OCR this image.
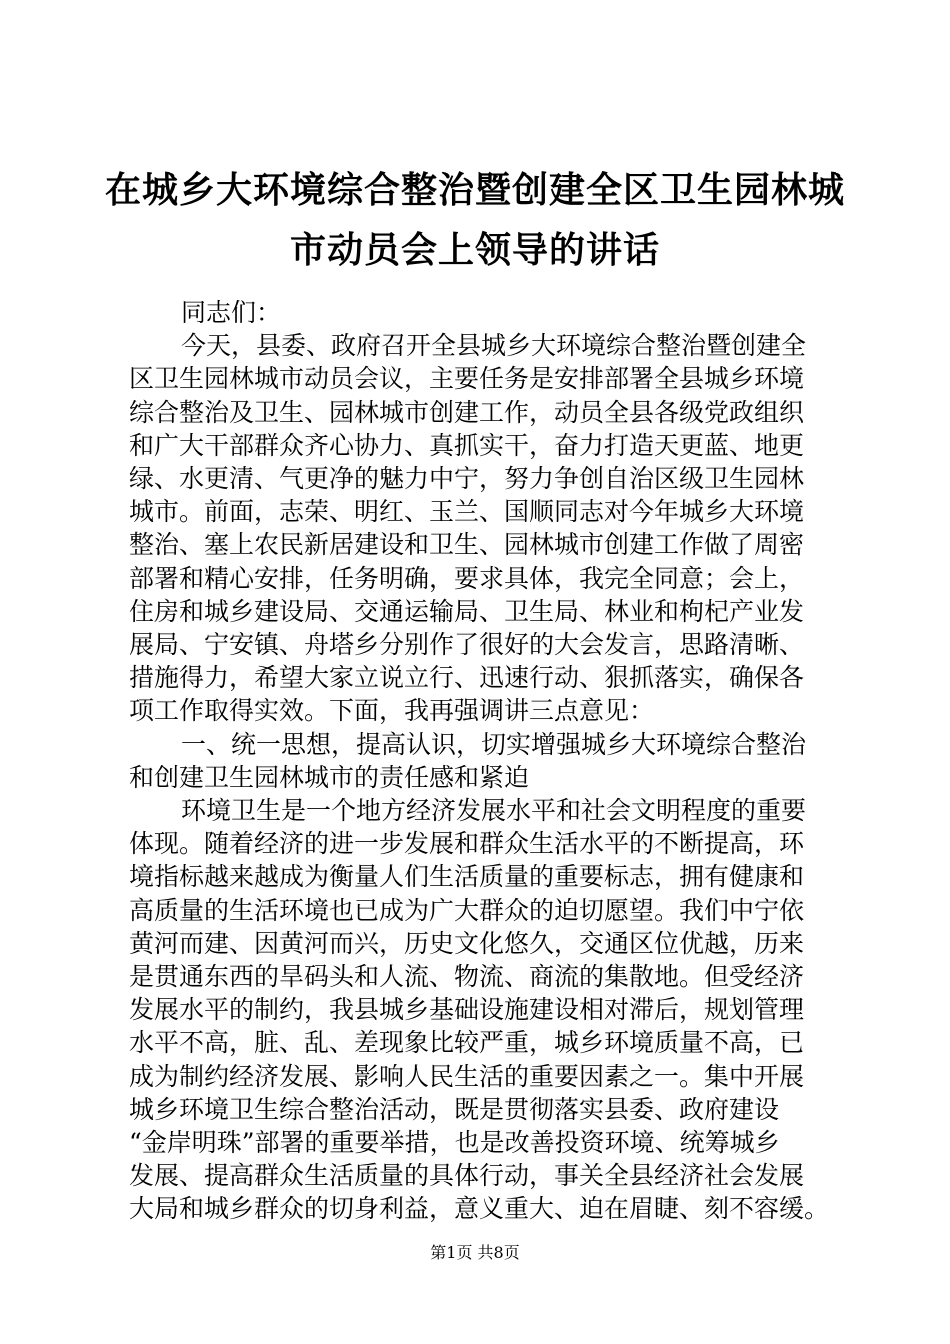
在城乡大环境综合整治暨创建全区卫生园林城
市动员会上领导的讲话

同志们：

今天，县委、政府召开全县城乡大环境综合整治暨创建全
区卫生园林城市动员会议，主要任务是安排部署全县城乡环境
综合整治及卫生、园林城市创建工作，动员全县各级党政组织
和广大干部群众齐心协力、真抓实干，奋力打造天更蓝、地更
绿、水更清、气更净的魅力中宁，努力争创自治区级卫生园林
城市。前面，志荣、明红、玉兰、国顺同志对今年城乡大环境
整治、塞上农民新居建设和卫生、园林城市创建工作做了周密
部署和精心安排，任务明确，要求具体，我完全同意；会上，
住房和城乡建设局、交通运输局、卫生局、林业和枸杞产业发
展局、宁安镇、舟塔乡分别作了很好的大会发言，思路清晰、
措施得力，希望大家立说立行、迅速行动、狠抓落实，确保各
项工作取得实效。下面，我再强调讲三点意见：

一、统一思想，提高认识，切实增强城乡大环境综合整治
和创建卫生园林城市的责任感和紧迫

环境卫生是一个地方经济发展水平和社会文明程度的重要
体现。随着经济的进一步发展和群众生活水平的不断提高，环
境指标越来越成为衡量人们生活质量的重要标志，拥有健康和
高质量的生活环境也已成为广大群众的迫切愿望。我们中宁依
黄河而建、因黄河而兴，历史文化悠久，交通区位优越，历来
是贯通东西的旱码头和人流、物流、商流的集散地。但受经济
发展水平的制约，我县城乡基础设施建设相对滞后，规划管理
水平不高，脏、乱、差现象比较严重，城乡环境质量不高，已
成为制约经济发展、影响人民生活的重要因素之一。集中开展
城乡环境卫生综合整治活动，既是贯彻落实县委、政府建设
“金岸明珠”部署的重要举措，也是改善投资环境、统筹城乡
发展、提高群众生活质量的具体行动，事关全县经济社会发展
大局和城乡群众的切身利益，意义重大、迫在眉睫、刻不容缓。

第1页 共8页
